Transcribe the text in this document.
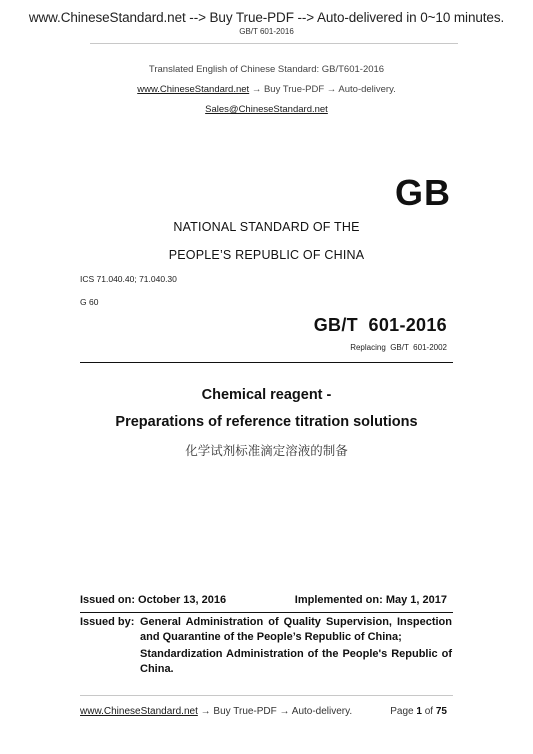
www.ChineseStandard.net --> Buy True-PDF --> Auto-delivered in 0~10 minutes.
GB/T 601-2016
Translated English of Chinese Standard: GB/T601-2016
www.ChineseStandard.net → Buy True-PDF → Auto-delivery.
Sales@ChineseStandard.net
GB
NATIONAL STANDARD OF THE
PEOPLE’S REPUBLIC OF CHINA
ICS 71.040.40; 71.040.30
G 60
GB/T  601-2016
Replacing  GB/T  601-2002
Chemical reagent -
Preparations of reference titration solutions
化学试剂标准滴定溶液的制备
Issued on: October 13, 2016	Implemented on: May 1, 2017
Issued by: General Administration of Quality Supervision, Inspection and Quarantine of the People’s Republic of China;
Standardization Administration of the People's Republic of China.
www.ChineseStandard.net → Buy True-PDF → Auto-delivery.	Page 1 of 75
